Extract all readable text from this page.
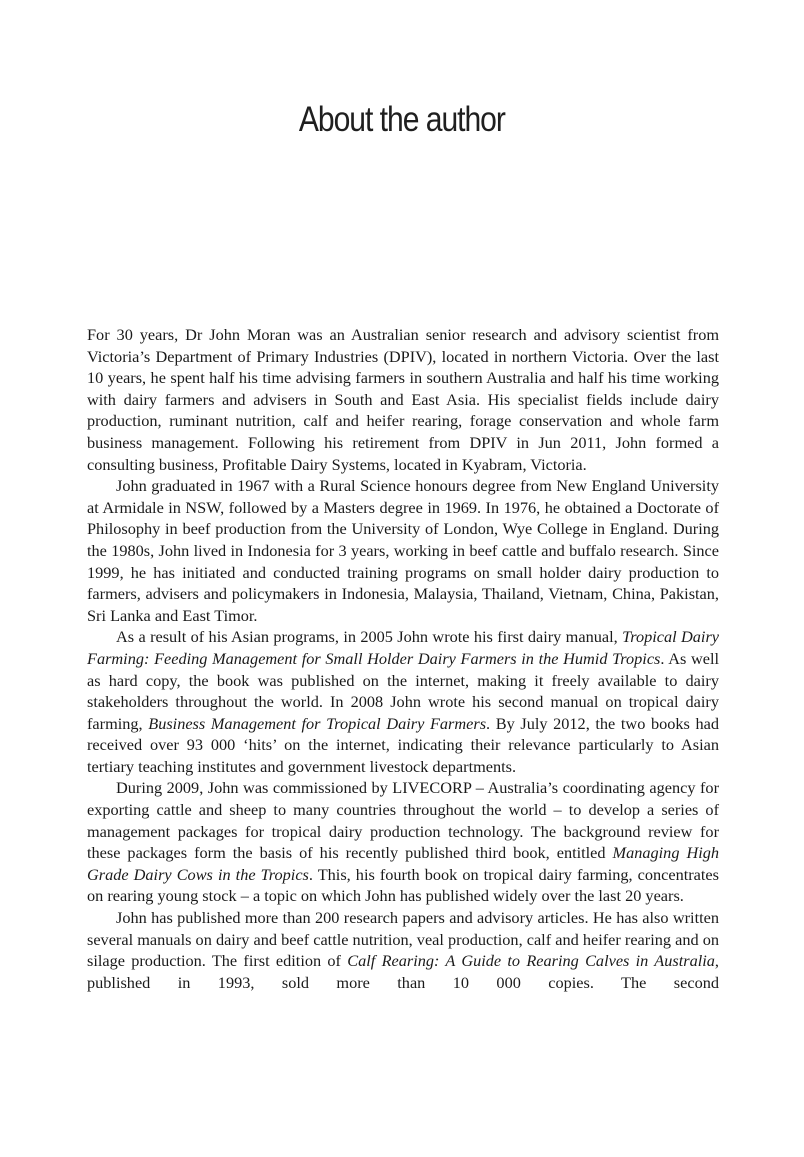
About the author

For 30 years, Dr John Moran was an Australian senior research and advisory scientist from Victoria’s Department of Primary Industries (DPIV), located in northern Victoria. Over the last 10 years, he spent half his time advising farmers in southern Australia and half his time working with dairy farmers and advisers in South and East Asia. His specialist fields include dairy production, ruminant nutrition, calf and heifer rearing, forage conservation and whole farm business management. Following his retirement from DPIV in Jun 2011, John formed a consulting business, Profitable Dairy Systems, located in Kyabram, Victoria.

John graduated in 1967 with a Rural Science honours degree from New England University at Armidale in NSW, followed by a Masters degree in 1969. In 1976, he obtained a Doctorate of Philosophy in beef production from the University of London, Wye College in England. During the 1980s, John lived in Indonesia for 3 years, working in beef cattle and buffalo research. Since 1999, he has initiated and conducted training programs on small holder dairy production to farmers, advisers and policymakers in Indonesia, Malaysia, Thailand, Vietnam, China, Pakistan, Sri Lanka and East Timor.

As a result of his Asian programs, in 2005 John wrote his first dairy manual, Tropical Dairy Farming: Feeding Management for Small Holder Dairy Farmers in the Humid Tropics. As well as hard copy, the book was published on the internet, making it freely available to dairy stakeholders throughout the world. In 2008 John wrote his second manual on tropical dairy farming, Business Management for Tropical Dairy Farmers. By July 2012, the two books had received over 93 000 ‘hits’ on the internet, indicating their relevance particularly to Asian tertiary teaching institutes and government livestock departments.

During 2009, John was commissioned by LIVECORP – Australia’s coordinating agency for exporting cattle and sheep to many countries throughout the world – to develop a series of management packages for tropical dairy production technology. The background review for these packages form the basis of his recently published third book, entitled Managing High Grade Dairy Cows in the Tropics. This, his fourth book on tropical dairy farming, concentrates on rearing young stock – a topic on which John has published widely over the last 20 years.

John has published more than 200 research papers and advisory articles. He has also written several manuals on dairy and beef cattle nutrition, veal production, calf and heifer rearing and on silage production. The first edition of Calf Rearing: A Guide to Rearing Calves in Australia, published in 1993, sold more than 10 000 copies. The second
